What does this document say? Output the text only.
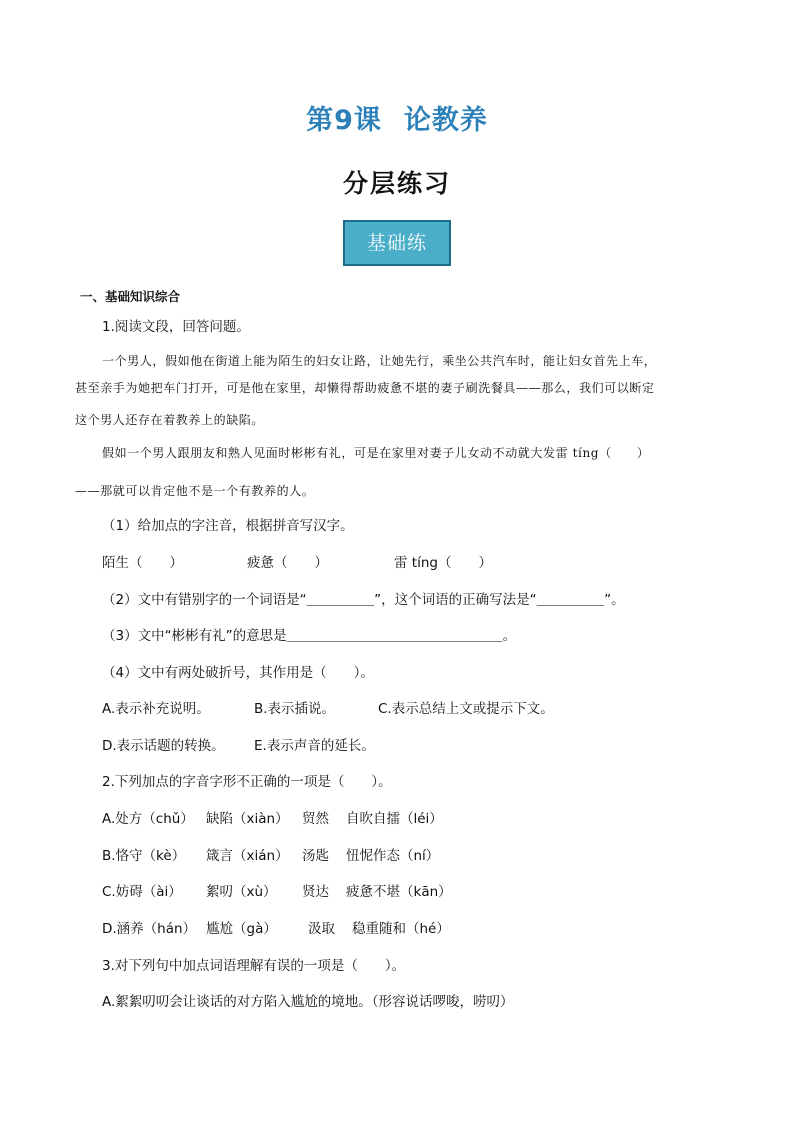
第9课 论教养
分层练习
基础练
一、基础知识综合
1.阅读文段，回答问题。
一个男人，假如他在街道上能为陌生的妇女让路，让她先行，乘坐公共汽车时，能让妇女首先上车，
甚至亲手为她把车门打开，可是他在家里，却懒得帮助疲惫不堪的妻子刷洗餐具——那么，我们可以断定
这个男人还存在着教养上的缺陷。
假如一个男人跟朋友和熟人见面时彬彬有礼，可是在家里对妻子儿女动不动就大发雷 tíng（　　）
——那就可以肯定他不是一个有教养的人。
（1）给加点的字注音，根据拼音写汉字。
陌生（　　）	疲惫（　　）	雷 tíng（　　）
（2）文中有错别字的一个词语是“＿＿＿＿＿”，这个词语的正确写法是“＿＿＿＿＿”。
（3）文中“彬彬有礼”的意思是＿＿＿＿＿＿＿＿＿＿＿＿＿＿＿＿。
（4）文中有两处破折号，其作用是（　　）。
A.表示补充说明。	B.表示插说。	C.表示总结上文或提示下文。
D.表示话题的转换。 E.表示声音的延长。
2.下列加点的字音字形不正确的一项是（　　）。
A.处方（chǔ） 缺陷（xiàn） 贸然 自吹自擂（léi）
B.恪守（kè） 箴言（xián） 汤匙 忸怩作态（ní）
C.妨碍（ài） 絮叨（xù） 贤达 疲惫不堪（kān）
D.涵养（hán） 尴尬（gà） 汲取 稳重随和（hé）
3.对下列句中加点词语理解有误的一项是（　　）。
A.絮絮叨叨会让谈话的对方陷入尴尬的境地。（形容说话啰唆，唠叨）
